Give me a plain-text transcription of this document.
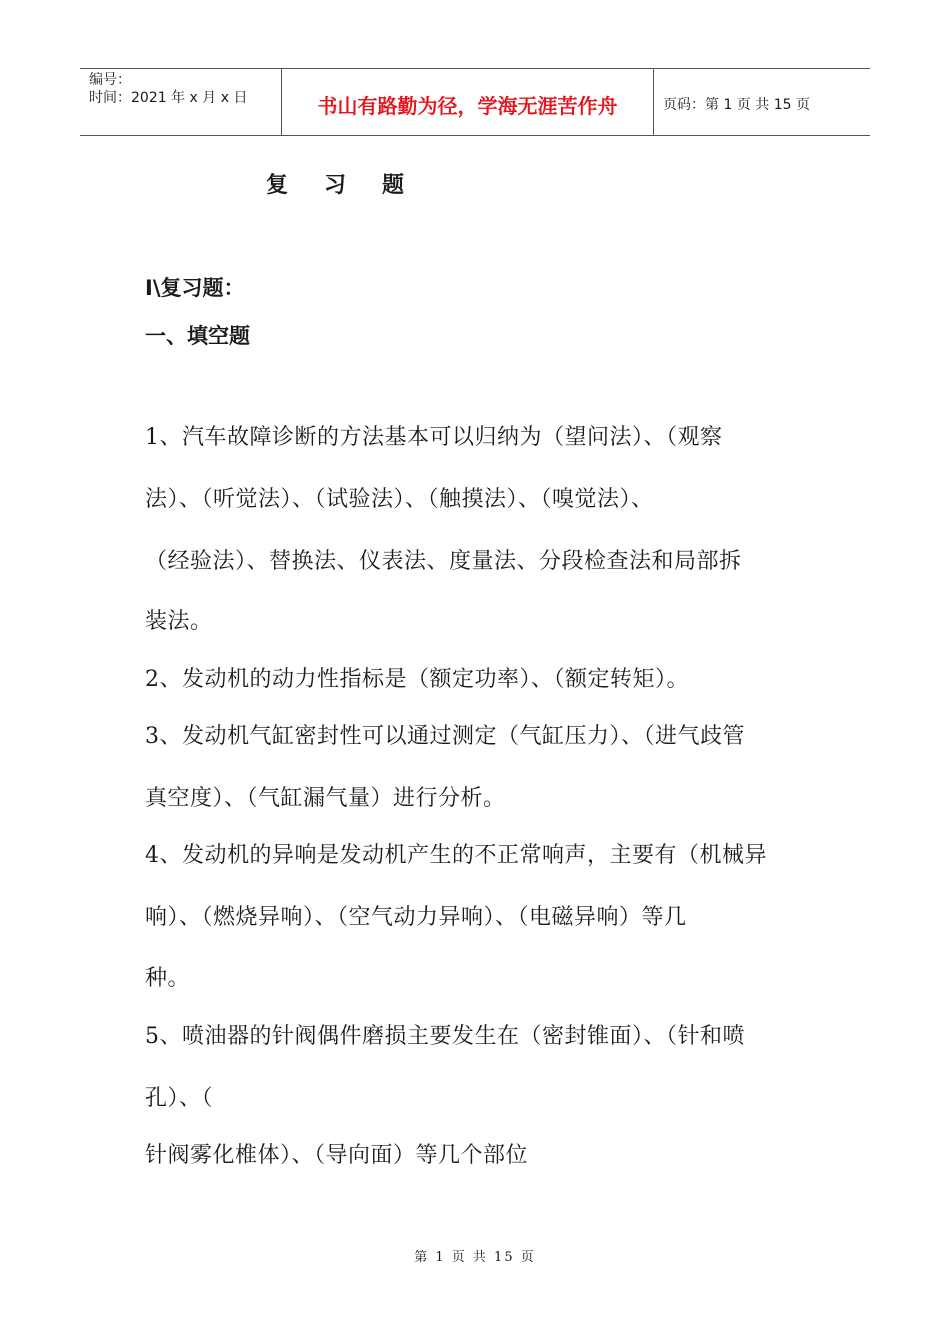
编号：
时间：2021 年 x 月 x 日	书山有路勤为径，学海无涯苦作舟	页码：第 1 页 共 15 页
复习题
I\复习题：
一、填空题
1、汽车故障诊断的方法基本可以归纳为（望问法）、（观察
法）、（听觉法）、（试验法）、（触摸法）、（嗅觉法）、
（经验法）、替换法、仪表法、度量法、分段检查法和局部拆
装法。
2、发动机的动力性指标是（额定功率）、（额定转矩）。
3、发动机气缸密封性可以通过测定（气缸压力）、（进气歧管
真空度）、（气缸漏气量）进行分析。
4、发动机的异响是发动机产生的不正常响声，主要有（机械异
响）、（燃烧异响）、（空气动力异响）、（电磁异响）等几
种。
5、喷油器的针阀偶件磨损主要发生在（密封锥面）、（针和喷
孔）、（
针阀雾化椎体）、（导向面）等几个部位
第 1 页 共 15 页
